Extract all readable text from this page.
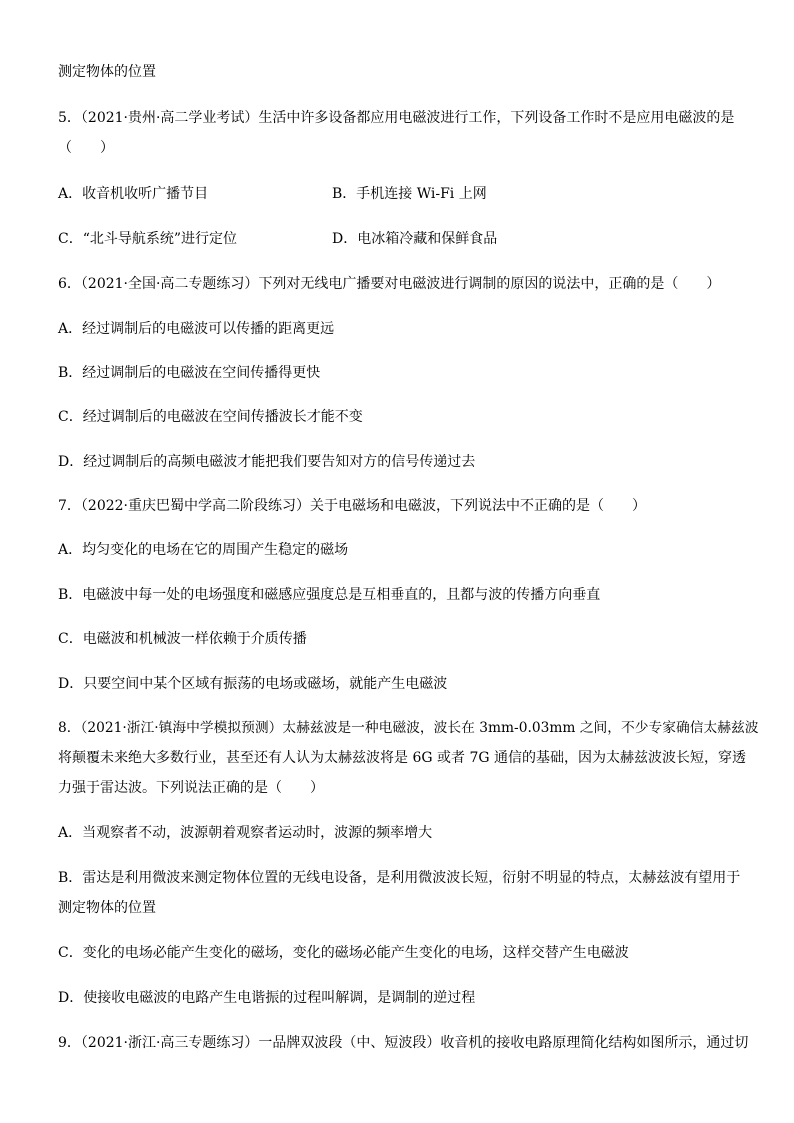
测定物体的位置
5．（2021·贵州·高二学业考试）生活中许多设备都应用电磁波进行工作，下列设备工作时不是应用电磁波的是
（　　）
A．收音机收听广播节目	B．手机连接 Wi-Fi 上网
C．“北斗导航系统”进行定位	D．电冰箱冷藏和保鲜食品
6．（2021·全国·高二专题练习）下列对无线电广播要对电磁波进行调制的原因的说法中，正确的是（　　）
A．经过调制后的电磁波可以传播的距离更远
B．经过调制后的电磁波在空间传播得更快
C．经过调制后的电磁波在空间传播波长才能不变
D．经过调制后的高频电磁波才能把我们要告知对方的信号传递过去
7．（2022·重庆巴蜀中学高二阶段练习）关于电磁场和电磁波，下列说法中不正确的是（　　）
A．均匀变化的电场在它的周围产生稳定的磁场
B．电磁波中每一处的电场强度和磁感应强度总是互相垂直的，且都与波的传播方向垂直
C．电磁波和机械波一样依赖于介质传播
D．只要空间中某个区域有振荡的电场或磁场，就能产生电磁波
8．（2021·浙江·镇海中学模拟预测）太赫兹波是一种电磁波，波长在 3mm-0.03mm 之间，不少专家确信太赫兹波
将颠覆未来绝大多数行业，甚至还有人认为太赫兹波将是 6G 或者 7G 通信的基础，因为太赫兹波波长短，穿透
力强于雷达波。下列说法正确的是（　　）
A．当观察者不动，波源朝着观察者运动时，波源的频率增大
B．雷达是利用微波来测定物体位置的无线电设备，是利用微波波长短，衍射不明显的特点，太赫兹波有望用于
测定物体的位置
C．变化的电场必能产生变化的磁场，变化的磁场必能产生变化的电场，这样交替产生电磁波
D．使接收电磁波的电路产生电谐振的过程叫解调，是调制的逆过程
9．（2021·浙江·高三专题练习）一品牌双波段（中、短波段）收音机的接收电路原理简化结构如图所示，通过切
